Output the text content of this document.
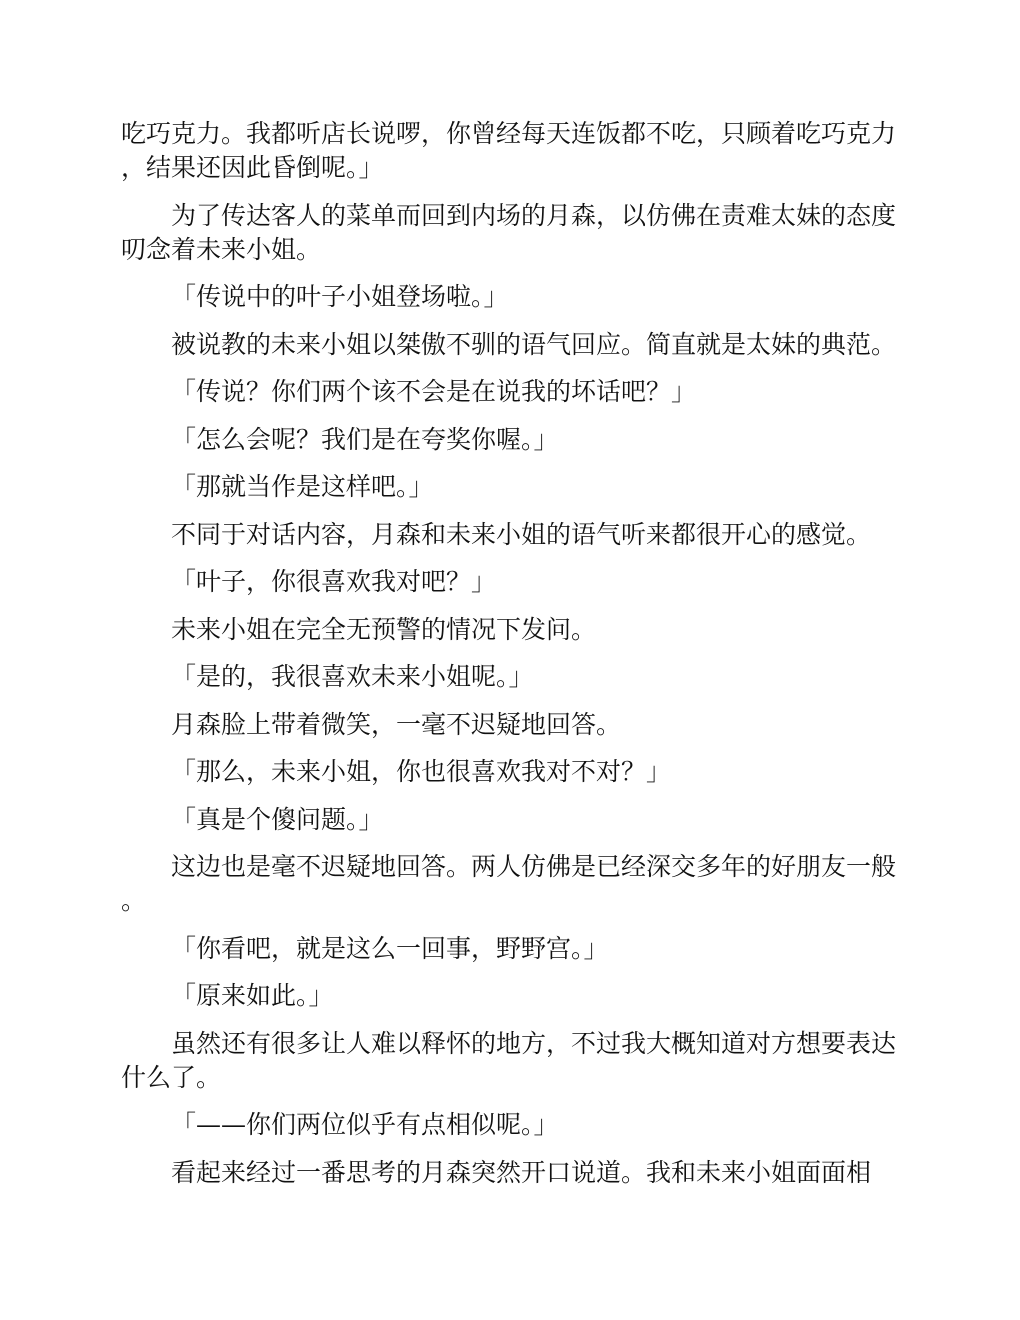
吃巧克力。我都听店长说啰，你曾经每天连饭都不吃，只顾着吃巧克力，结果还因此昏倒呢。」

为了传达客人的菜单而回到内场的月森，以仿佛在责难太妹的态度叨念着未来小姐。

「传说中的叶子小姐登场啦。」

被说教的未来小姐以桀傲不驯的语气回应。简直就是太妹的典范。

「传说？你们两个该不会是在说我的坏话吧？」

「怎么会呢？我们是在夸奖你喔。」

「那就当作是这样吧。」

不同于对话内容，月森和未来小姐的语气听来都很开心的感觉。

「叶子，你很喜欢我对吧？」

未来小姐在完全无预警的情况下发问。

「是的，我很喜欢未来小姐呢。」

月森脸上带着微笑，一毫不迟疑地回答。

「那么，未来小姐，你也很喜欢我对不对？」

「真是个傻问题。」

这边也是毫不迟疑地回答。两人仿佛是已经深交多年的好朋友一般。

「你看吧，就是这么一回事，野野宫。」

「原来如此。」

虽然还有很多让人难以释怀的地方，不过我大概知道对方想要表达什么了。

「——你们两位似乎有点相似呢。」

看起来经过一番思考的月森突然开口说道。我和未来小姐面面相
